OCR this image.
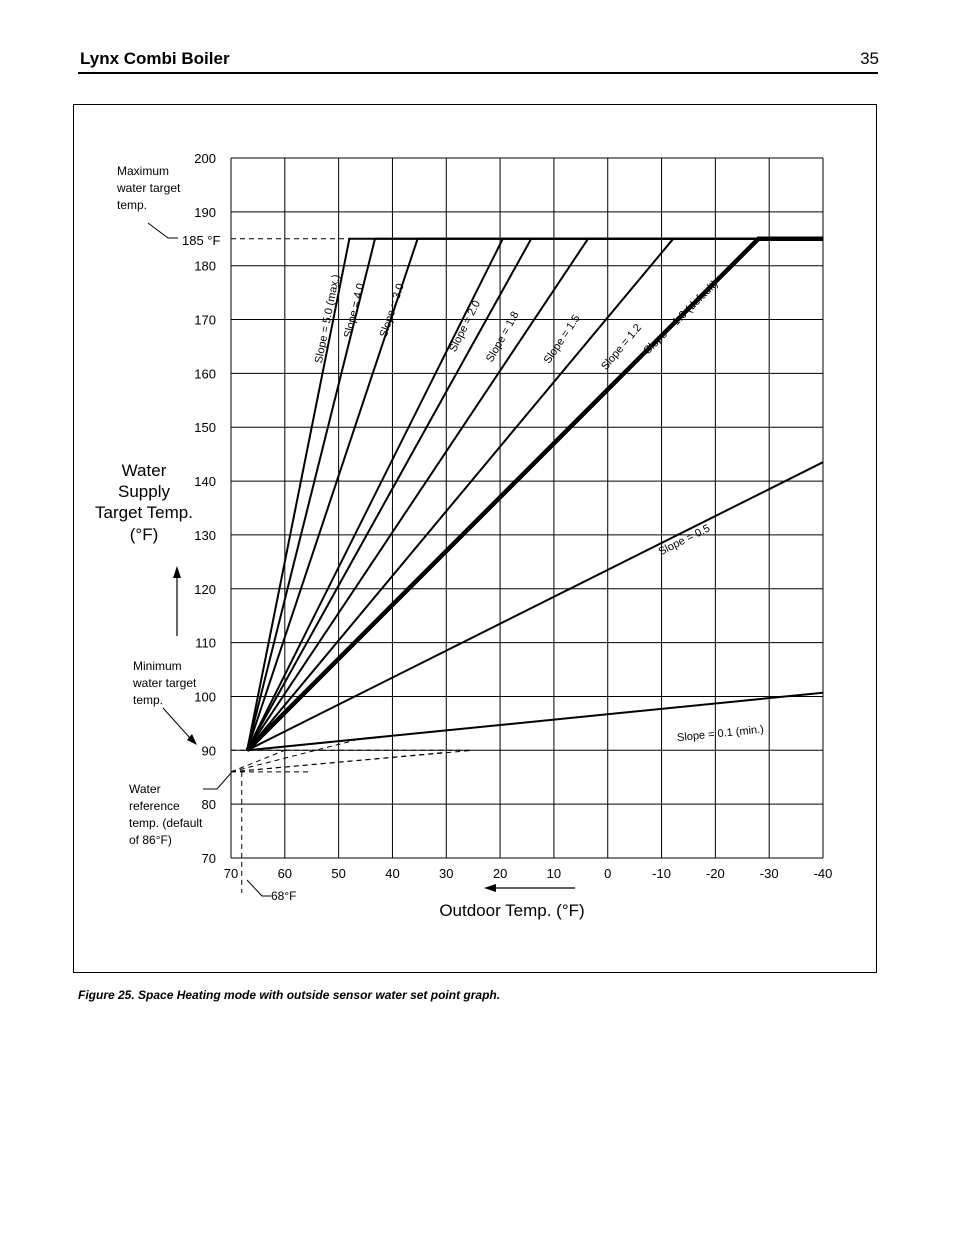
Lynx Combi Boiler	35
Slope = 5.0 (max.) Slope = 4.0 Slope = 3.0	Slope = 2.0 Slope = 1.8 Slope = 1.5 Slope = 1.2
Slope = 1.0 (default)
Slope = 0.5
Slope = 0.1 (min.)
70	60	50	40	30	20	10	0	-10	-20	-30	-40
200
190
180
170
160
150
140
130
120
110
100
90
80
70
Water
Supply
Target Temp.
(°F)
Outdoor Temp. (°F)
Maximum
water target
temp.
185 °F
Minimum
water target
temp.
Water
reference
temp. (default
of 86°F)
68°F
Figure 25. Space Heating mode with outside sensor water set point graph.
